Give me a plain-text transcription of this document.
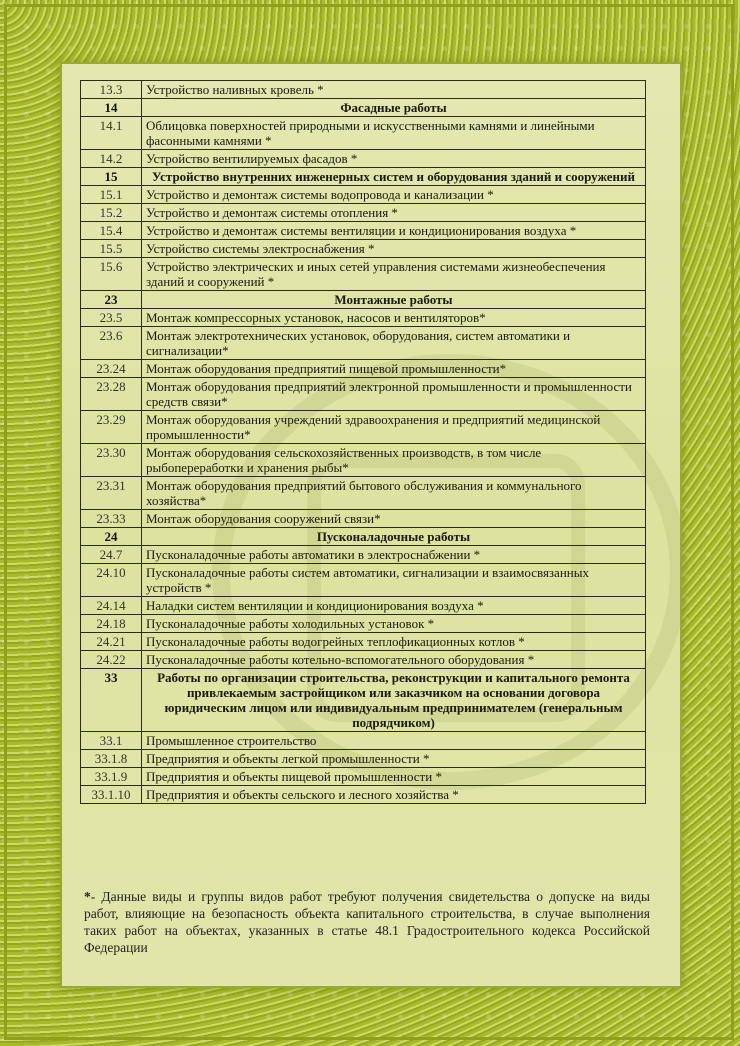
13.3	Устройство наливных кровель *
14	Фасадные работы
14.1	Облицовка поверхностей природными и искусственными камнями и линейными фасонными камнями *
14.2	Устройство вентилируемых фасадов *
15	Устройство внутренних инженерных систем и оборудования зданий и сооружений
15.1	Устройство и демонтаж системы водопровода и канализации *
15.2	Устройство и демонтаж системы отопления *
15.4	Устройство и демонтаж системы вентиляции и кондиционирования воздуха *
15.5	Устройство системы электроснабжения *
15.6	Устройство электрических и иных сетей управления системами жизнеобеспечения зданий и сооружений *
23	Монтажные работы
23.5	Монтаж компрессорных установок, насосов и вентиляторов*
23.6	Монтаж электротехнических установок, оборудования, систем автоматики и сигнализации*
23.24	Монтаж оборудования предприятий пищевой промышленности*
23.28	Монтаж оборудования предприятий электронной промышленности и промышленности средств связи*
23.29	Монтаж оборудования учреждений здравоохранения и предприятий медицинской промышленности*
23.30	Монтаж оборудования сельскохозяйственных производств, в том числе рыбопереработки и хранения рыбы*
23.31	Монтаж оборудования предприятий бытового обслуживания и коммунального хозяйства*
23.33	Монтаж оборудования сооружений связи*
24	Пусконаладочные работы
24.7	Пусконаладочные работы автоматики в электроснабжении *
24.10	Пусконаладочные работы систем автоматики, сигнализации и взаимосвязанных устройств *
24.14	Наладки систем вентиляции и кондиционирования воздуха *
24.18	Пусконаладочные работы холодильных установок *
24.21	Пусконаладочные работы водогрейных теплофикационных котлов *
24.22	Пусконаладочные работы котельно-вспомогательного оборудования *
33	Работы по организации строительства, реконструкции и капитального ремонта привлекаемым застройщиком или заказчиком на основании договора юридическим лицом или индивидуальным предпринимателем (генеральным подрядчиком)
33.1	Промышленное строительство
33.1.8	Предприятия и объекты легкой промышленности *
33.1.9	Предприятия и объекты пищевой промышленности *
33.1.10	Предприятия и объекты сельского и лесного хозяйства *
*- Данные виды и группы видов работ требуют получения свидетельства о допуске на виды работ, влияющие на безопасность объекта капитального строительства, в случае выполнения таких работ на объектах, указанных в статье 48.1 Градостроительного кодекса Российской Федерации
